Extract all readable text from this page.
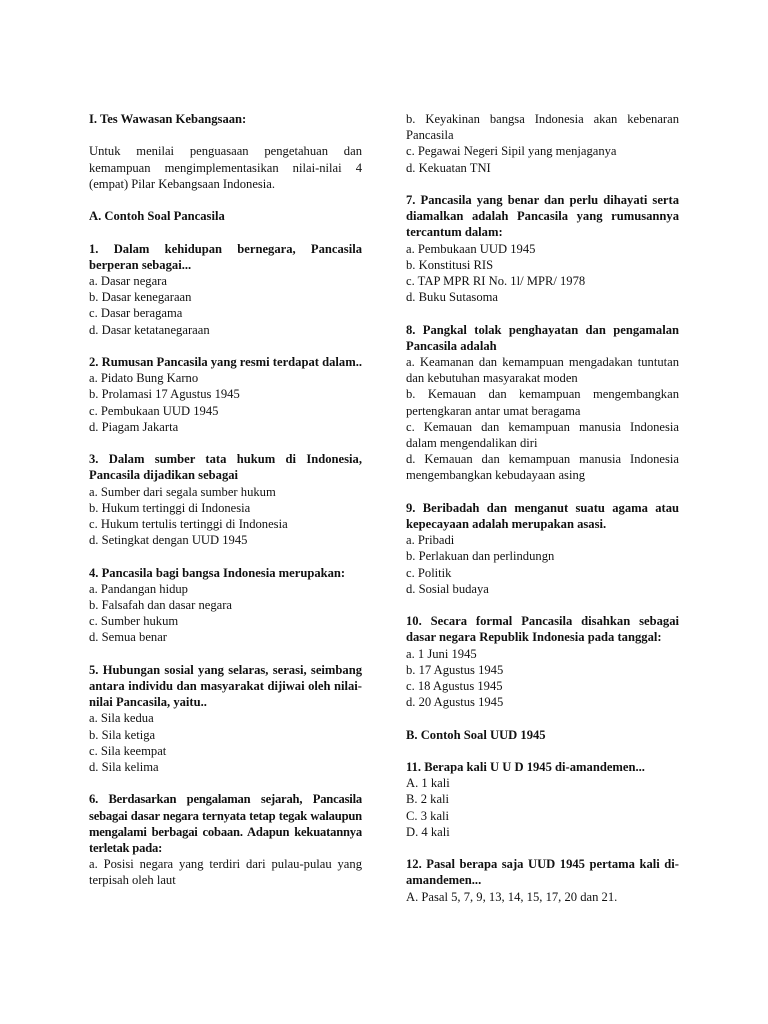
I. Tes Wawasan Kebangsaan:
Untuk menilai penguasaan pengetahuan dan kemampuan mengimplementasikan nilai-nilai 4 (empat) Pilar Kebangsaan Indonesia.
A. Contoh Soal Pancasila
1. Dalam kehidupan bernegara, Pancasila berperan sebagai...
a. Dasar negara
b. Dasar kenegaraan
c. Dasar beragama
d. Dasar ketatanegaraan
2. Rumusan Pancasila yang resmi terdapat dalam..
a. Pidato Bung Karno
b. Prolamasi 17 Agustus 1945
c. Pembukaan UUD 1945
d. Piagam Jakarta
3. Dalam sumber tata hukum di Indonesia, Pancasila dijadikan sebagai
a. Sumber dari segala sumber hukum
b. Hukum tertinggi di Indonesia
c. Hukum tertulis tertinggi di Indonesia
d. Setingkat dengan UUD 1945
4. Pancasila bagi bangsa Indonesia merupakan:
a. Pandangan hidup
b. Falsafah dan dasar negara
c. Sumber hukum
d. Semua benar
5. Hubungan sosial yang selaras, serasi, seimbang antara individu dan masyarakat dijiwai oleh nilai-nilai Pancasila, yaitu..
a. Sila kedua
b. Sila ketiga
c. Sila keempat
d. Sila kelima
6. Berdasarkan pengalaman sejarah, Pancasila sebagai dasar negara ternyata tetap tegak walaupun mengalami berbagai cobaan. Adapun kekuatannya terletak pada:
a. Posisi negara yang terdiri dari pulau-pulau yang terpisah oleh laut
b. Keyakinan bangsa Indonesia akan kebenaran Pancasila
c. Pegawai Negeri Sipil yang menjaganya
d. Kekuatan TNI
7. Pancasila yang benar dan perlu dihayati serta diamalkan adalah Pancasila yang rumusannya tercantum dalam:
a. Pembukaan UUD 1945
b. Konstitusi RIS
c. TAP MPR RI No. 1l/ MPR/ 1978
d. Buku Sutasoma
8. Pangkal tolak penghayatan dan pengamalan Pancasila adalah
a. Keamanan dan kemampuan mengadakan tuntutan dan kebutuhan masyarakat moden
b. Kemauan dan kemampuan mengembangkan pertengkaran antar umat beragama
c. Kemauan dan kemampuan manusia Indonesia dalam mengendalikan diri
d. Kemauan dan kemampuan manusia Indonesia mengembangkan kebudayaan asing
9. Beribadah dan menganut suatu agama atau kepecayaan adalah merupakan asasi.
a. Pribadi
b. Perlakuan dan perlindungn
c. Politik
d. Sosial budaya
10. Secara formal Pancasila disahkan sebagai dasar negara Republik Indonesia pada tanggal:
a. 1 Juni 1945
b. 17 Agustus 1945
c. 18 Agustus 1945
d. 20 Agustus 1945
B. Contoh Soal UUD 1945
11. Berapa kali U U D 1945 di-amandemen...
A. 1 kali
B. 2 kali
C. 3 kali
D. 4 kali
12. Pasal berapa saja UUD 1945 pertama kali di-amandemen...
A. Pasal 5, 7, 9, 13, 14, 15, 17, 20 dan 21.
